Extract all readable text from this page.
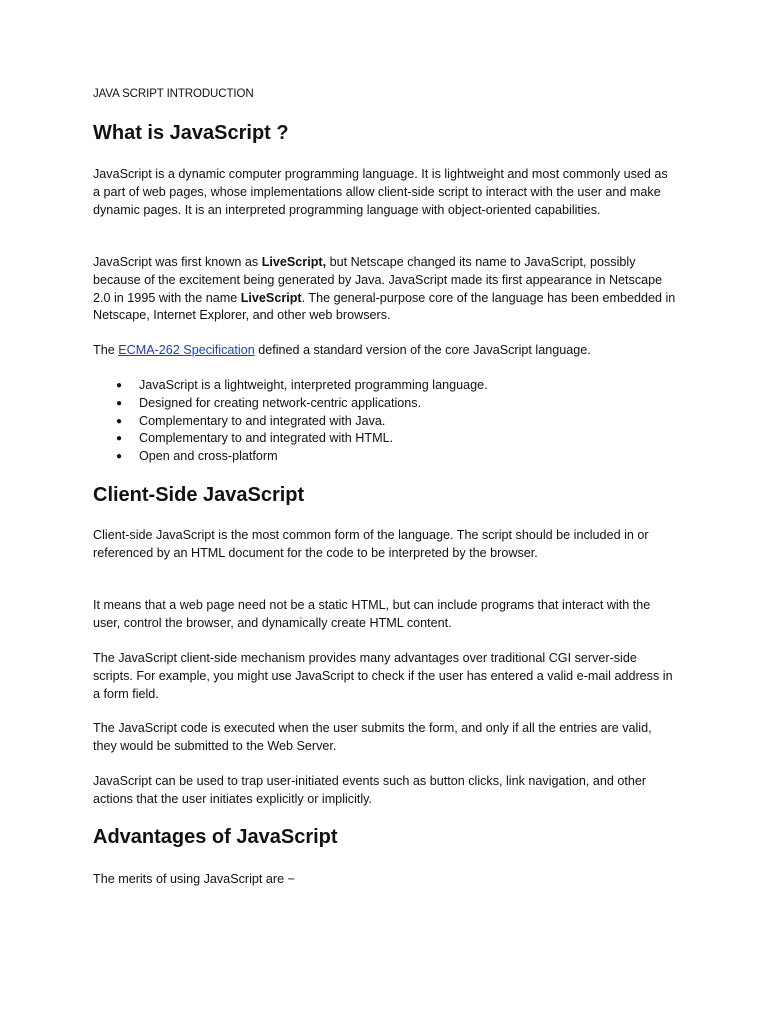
JAVA SCRIPT INTRODUCTION
What is JavaScript ?
JavaScript is a dynamic computer programming language. It is lightweight and most commonly used as a part of web pages, whose implementations allow client-side script to interact with the user and make dynamic pages. It is an interpreted programming language with object-oriented capabilities.
JavaScript was first known as LiveScript, but Netscape changed its name to JavaScript, possibly because of the excitement being generated by Java. JavaScript made its first appearance in Netscape 2.0 in 1995 with the name LiveScript. The general-purpose core of the language has been embedded in Netscape, Internet Explorer, and other web browsers.
The ECMA-262 Specification defined a standard version of the core JavaScript language.
● JavaScript is a lightweight, interpreted programming language.
● Designed for creating network-centric applications.
● Complementary to and integrated with Java.
● Complementary to and integrated with HTML.
● Open and cross-platform
Client-Side JavaScript
Client-side JavaScript is the most common form of the language. The script should be included in or referenced by an HTML document for the code to be interpreted by the browser.
It means that a web page need not be a static HTML, but can include programs that interact with the user, control the browser, and dynamically create HTML content.
The JavaScript client-side mechanism provides many advantages over traditional CGI server-side scripts. For example, you might use JavaScript to check if the user has entered a valid e-mail address in a form field.
The JavaScript code is executed when the user submits the form, and only if all the entries are valid, they would be submitted to the Web Server.
JavaScript can be used to trap user-initiated events such as button clicks, link navigation, and other actions that the user initiates explicitly or implicitly.
Advantages of JavaScript
The merits of using JavaScript are −
